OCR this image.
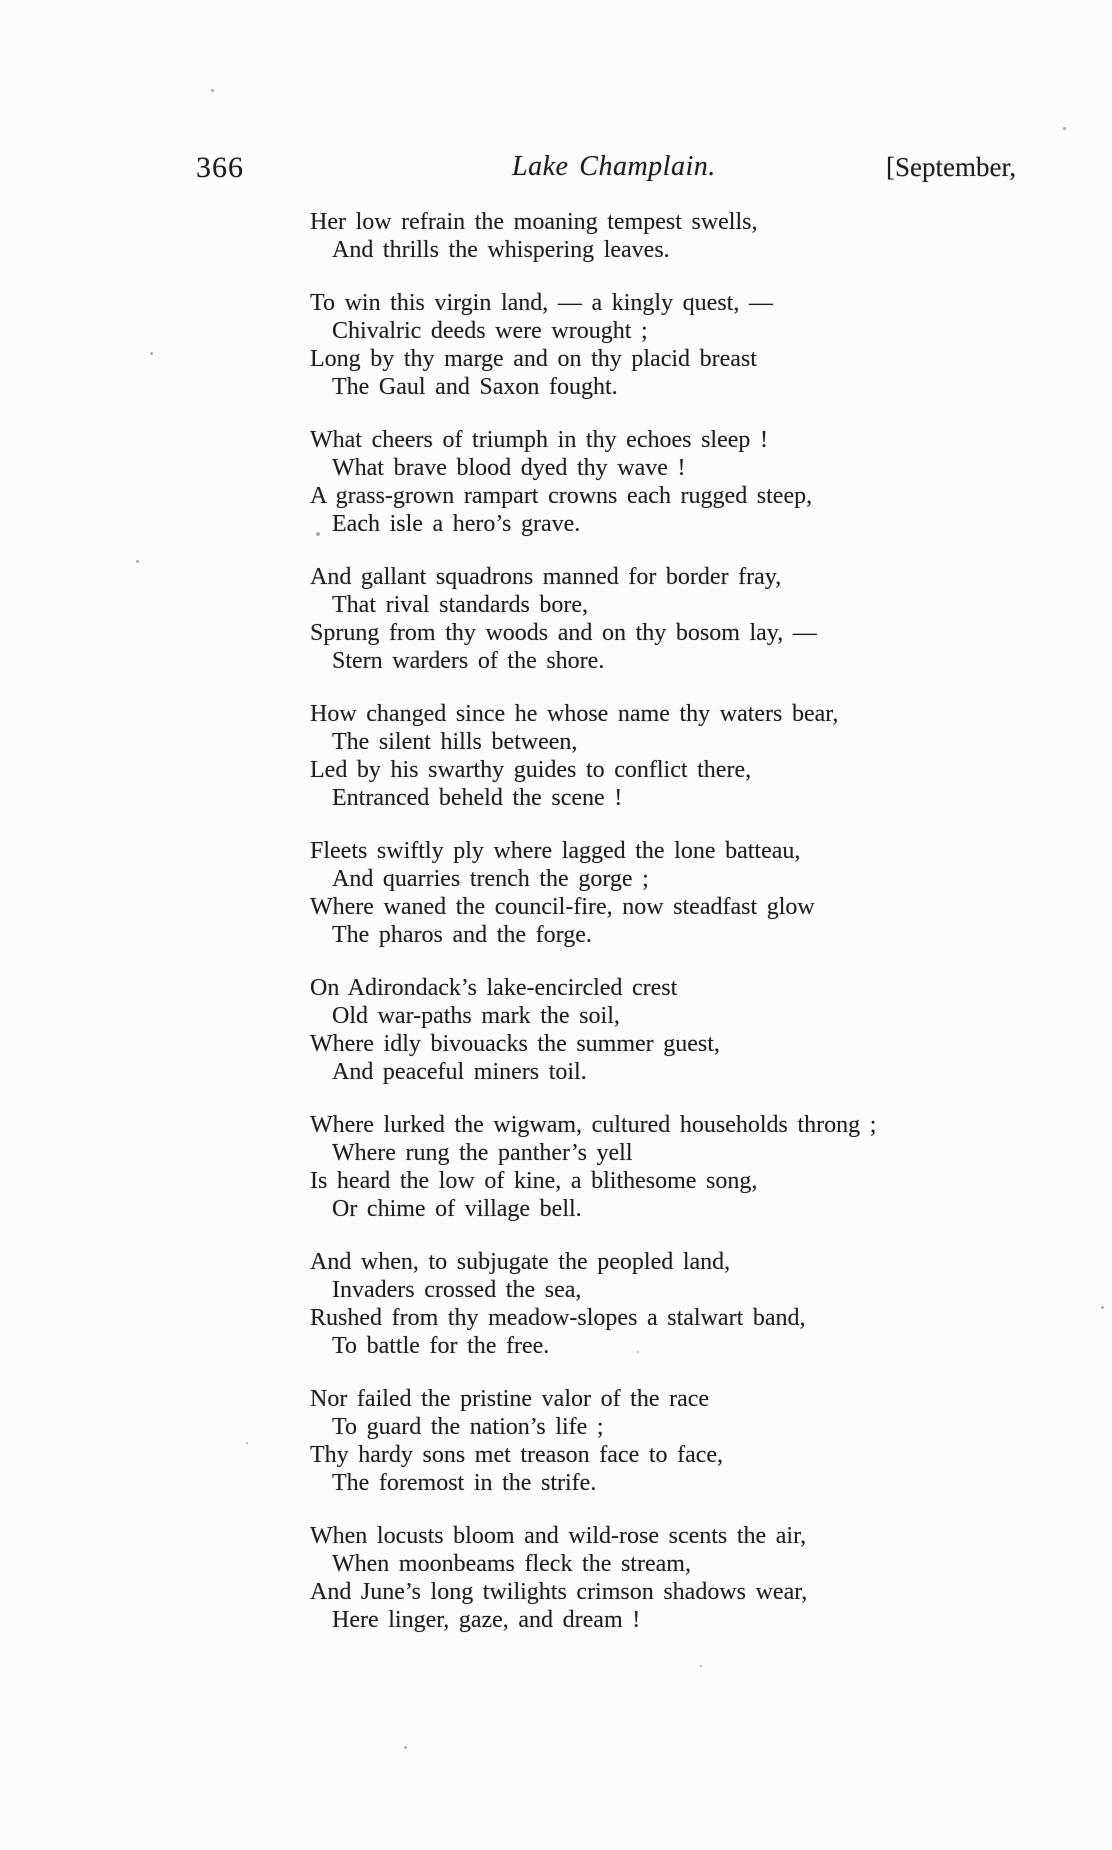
366	Lake Champlain.	[September,

Her low refrain the moaning tempest swells,

And thrills the whispering leaves.

To win this virgin land, — a kingly quest, —

Chivalric deeds were wrought ;

Long by thy marge and on thy placid breast

The Gaul and Saxon fought.

What cheers of triumph in thy echoes sleep !

What brave blood dyed thy wave !

A grass-grown rampart crowns each rugged steep,

Each isle a hero’s grave.

And gallant squadrons manned for border fray,

That rival standards bore,

Sprung from thy woods and on thy bosom lay, —

Stern warders of the shore.

How changed since he whose name thy waters bear,

The silent hills between,

Led by his swarthy guides to conflict there,

Entranced beheld the scene !

Fleets swiftly ply where lagged the lone batteau,

And quarries trench the gorge ;

Where waned the council-fire, now steadfast glow

The pharos and the forge.

On Adirondack’s lake-encircled crest

Old war-paths mark the soil,

Where idly bivouacks the summer guest,

And peaceful miners toil.

Where lurked the wigwam, cultured households throng ;

Where rung the panther’s yell

Is heard the low of kine, a blithesome song,

Or chime of village bell.

And when, to subjugate the peopled land,

Invaders crossed the sea,

Rushed from thy meadow-slopes a stalwart band,

To battle for the free.

Nor failed the pristine valor of the race

To guard the nation’s life ;

Thy hardy sons met treason face to face,

The foremost in the strife.

When locusts bloom and wild-rose scents the air,

When moonbeams fleck the stream,

And June’s long twilights crimson shadows wear,

Here linger, gaze, and dream !
